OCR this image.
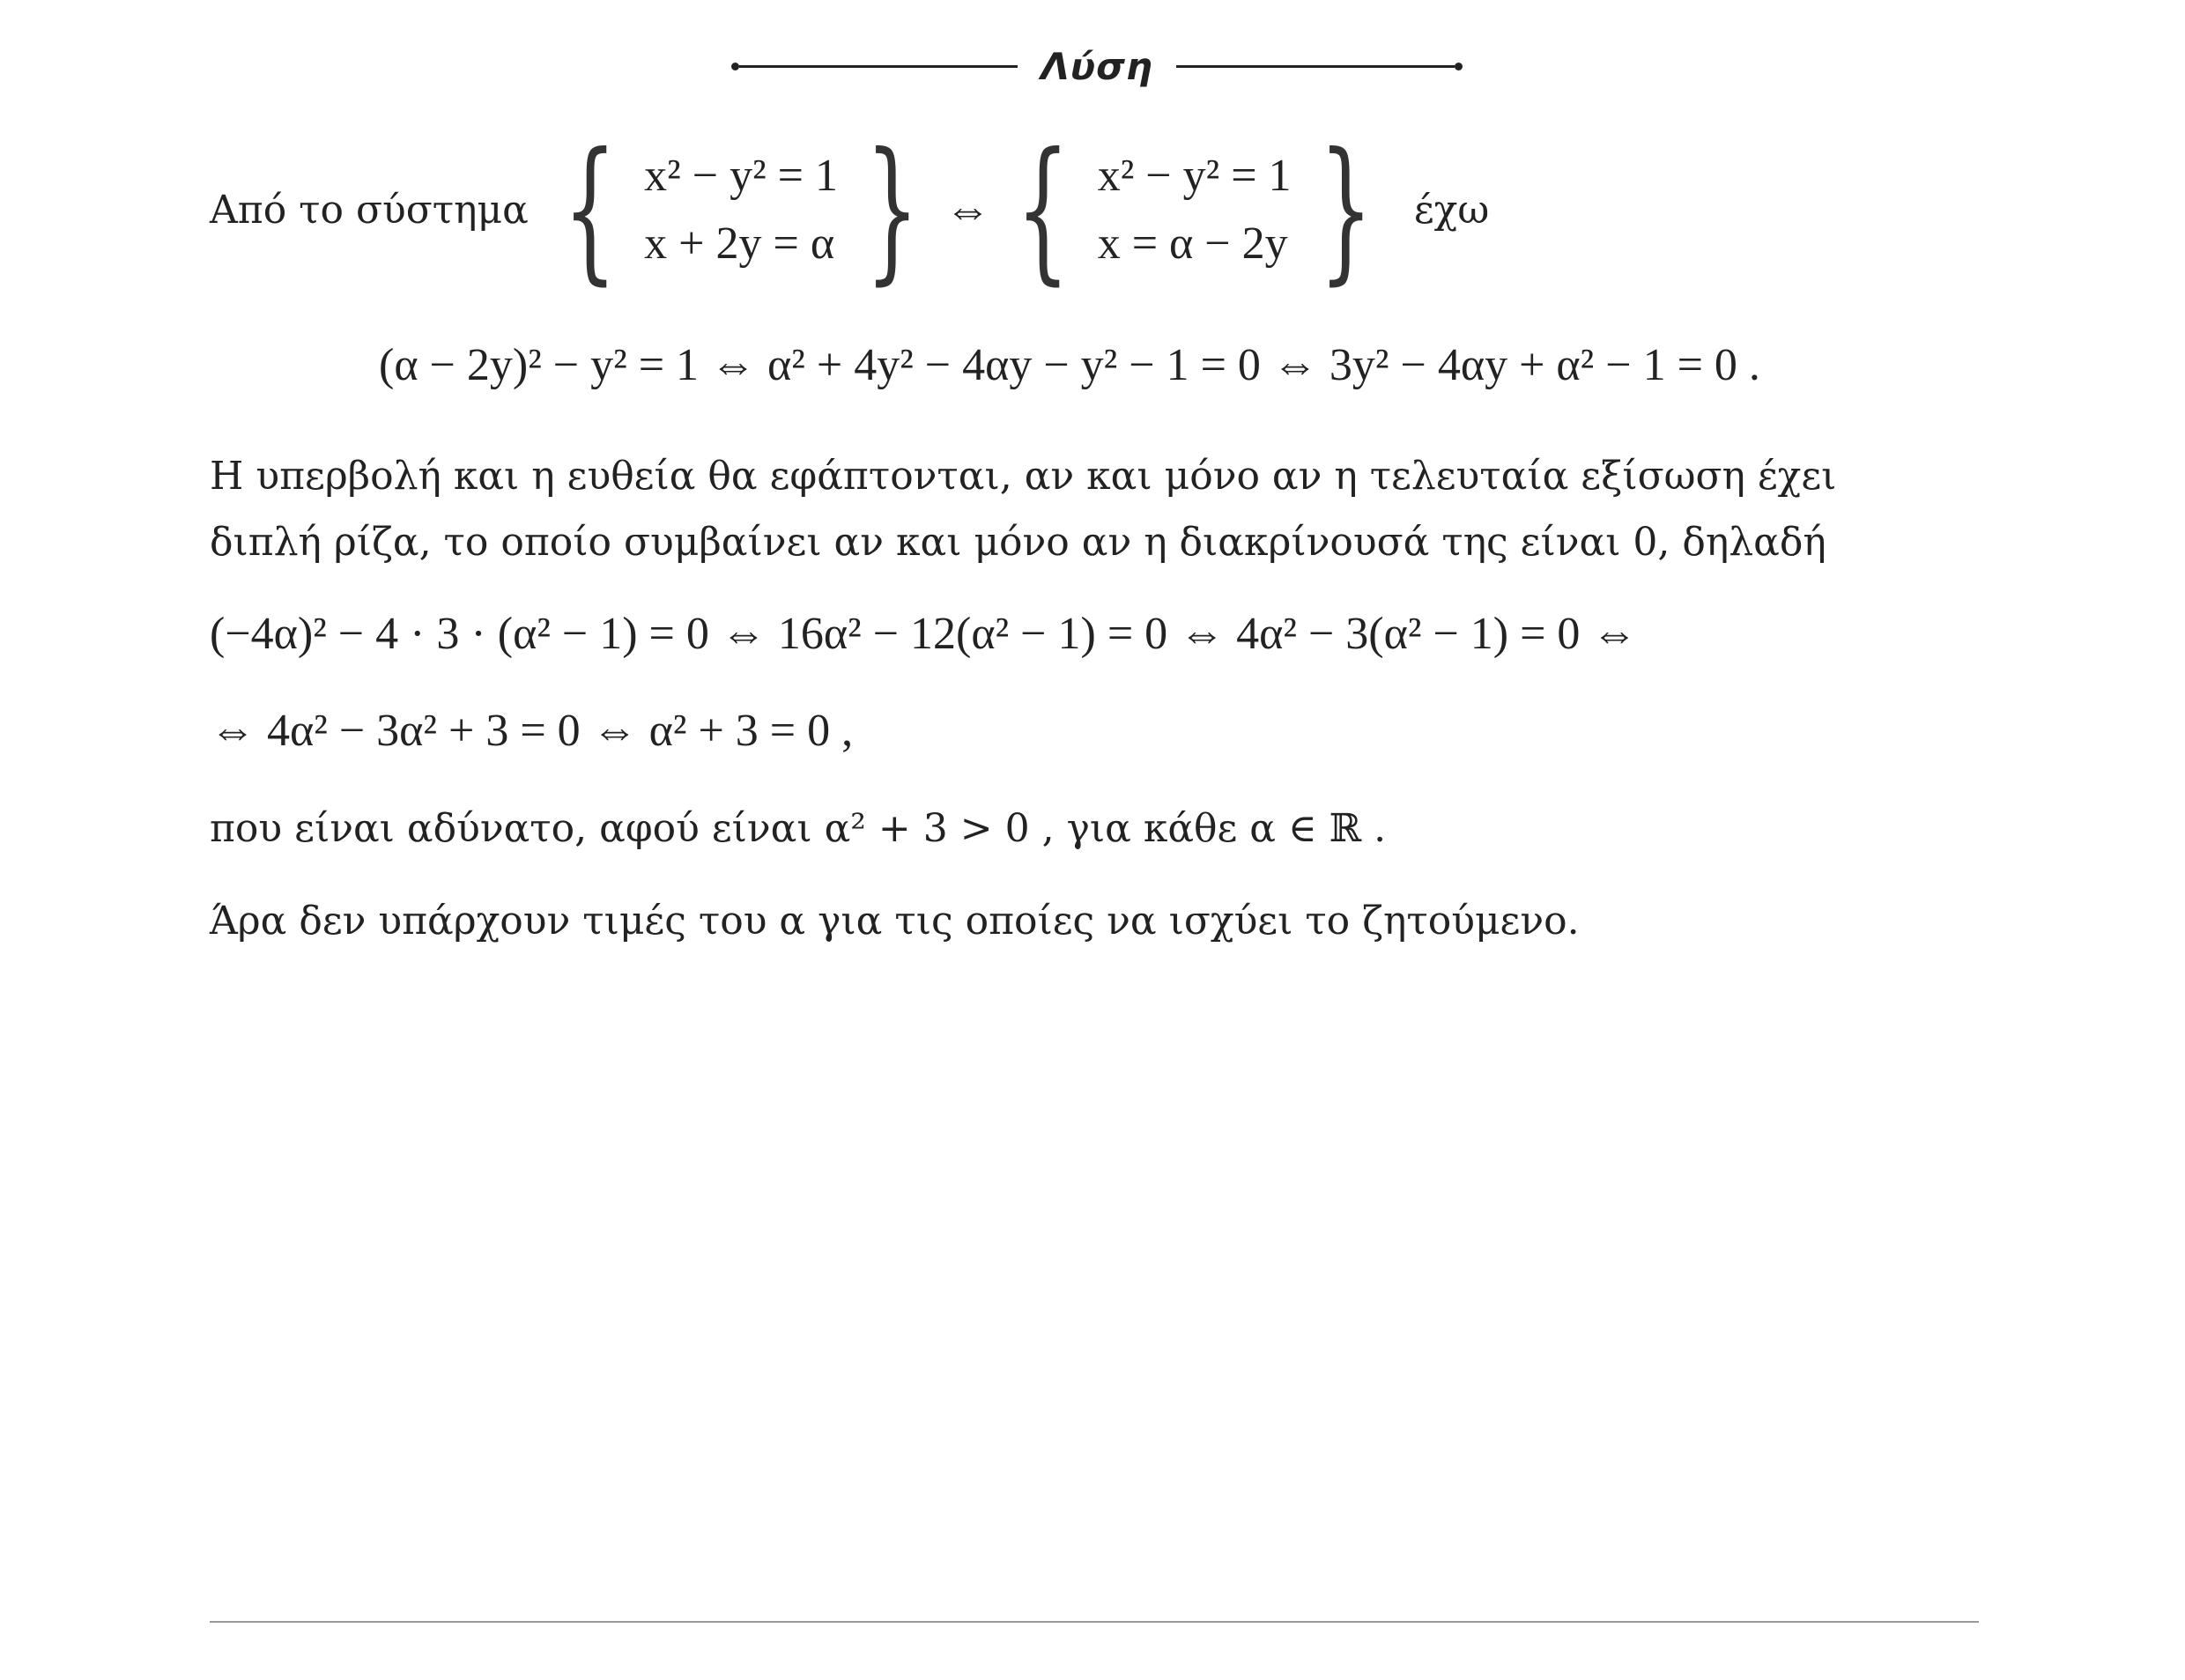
Λύση
Από το σύστημα { x² − y² = 1
x + 2y = α } ⇔ { x² − y² = 1
x = α − 2y } έχω
(α − 2y)² − y² = 1 ⇔ α² + 4y² − 4αy − y² − 1 = 0 ⇔ 3y² − 4αy + α² − 1 = 0 .
Η υπερβολή και η ευθεία θα εφάπτονται, αν και μόνο αν η τελευταία εξίσωση έχει
διπλή ρίζα, το οποίο συμβαίνει αν και μόνο αν η διακρίνουσά της είναι 0, δηλαδή
(−4α)² − 4 · 3 · (α² − 1) = 0 ⇔ 16α² − 12(α² − 1) = 0 ⇔ 4α² − 3(α² − 1) = 0 ⇔
⇔ 4α² − 3α² + 3 = 0 ⇔ α² + 3 = 0 ,
που είναι αδύνατο, αφού είναι α² + 3 > 0 , για κάθε α ∈ ℝ .
Άρα δεν υπάρχουν τιμές του α για τις οποίες να ισχύει το ζητούμενο.
